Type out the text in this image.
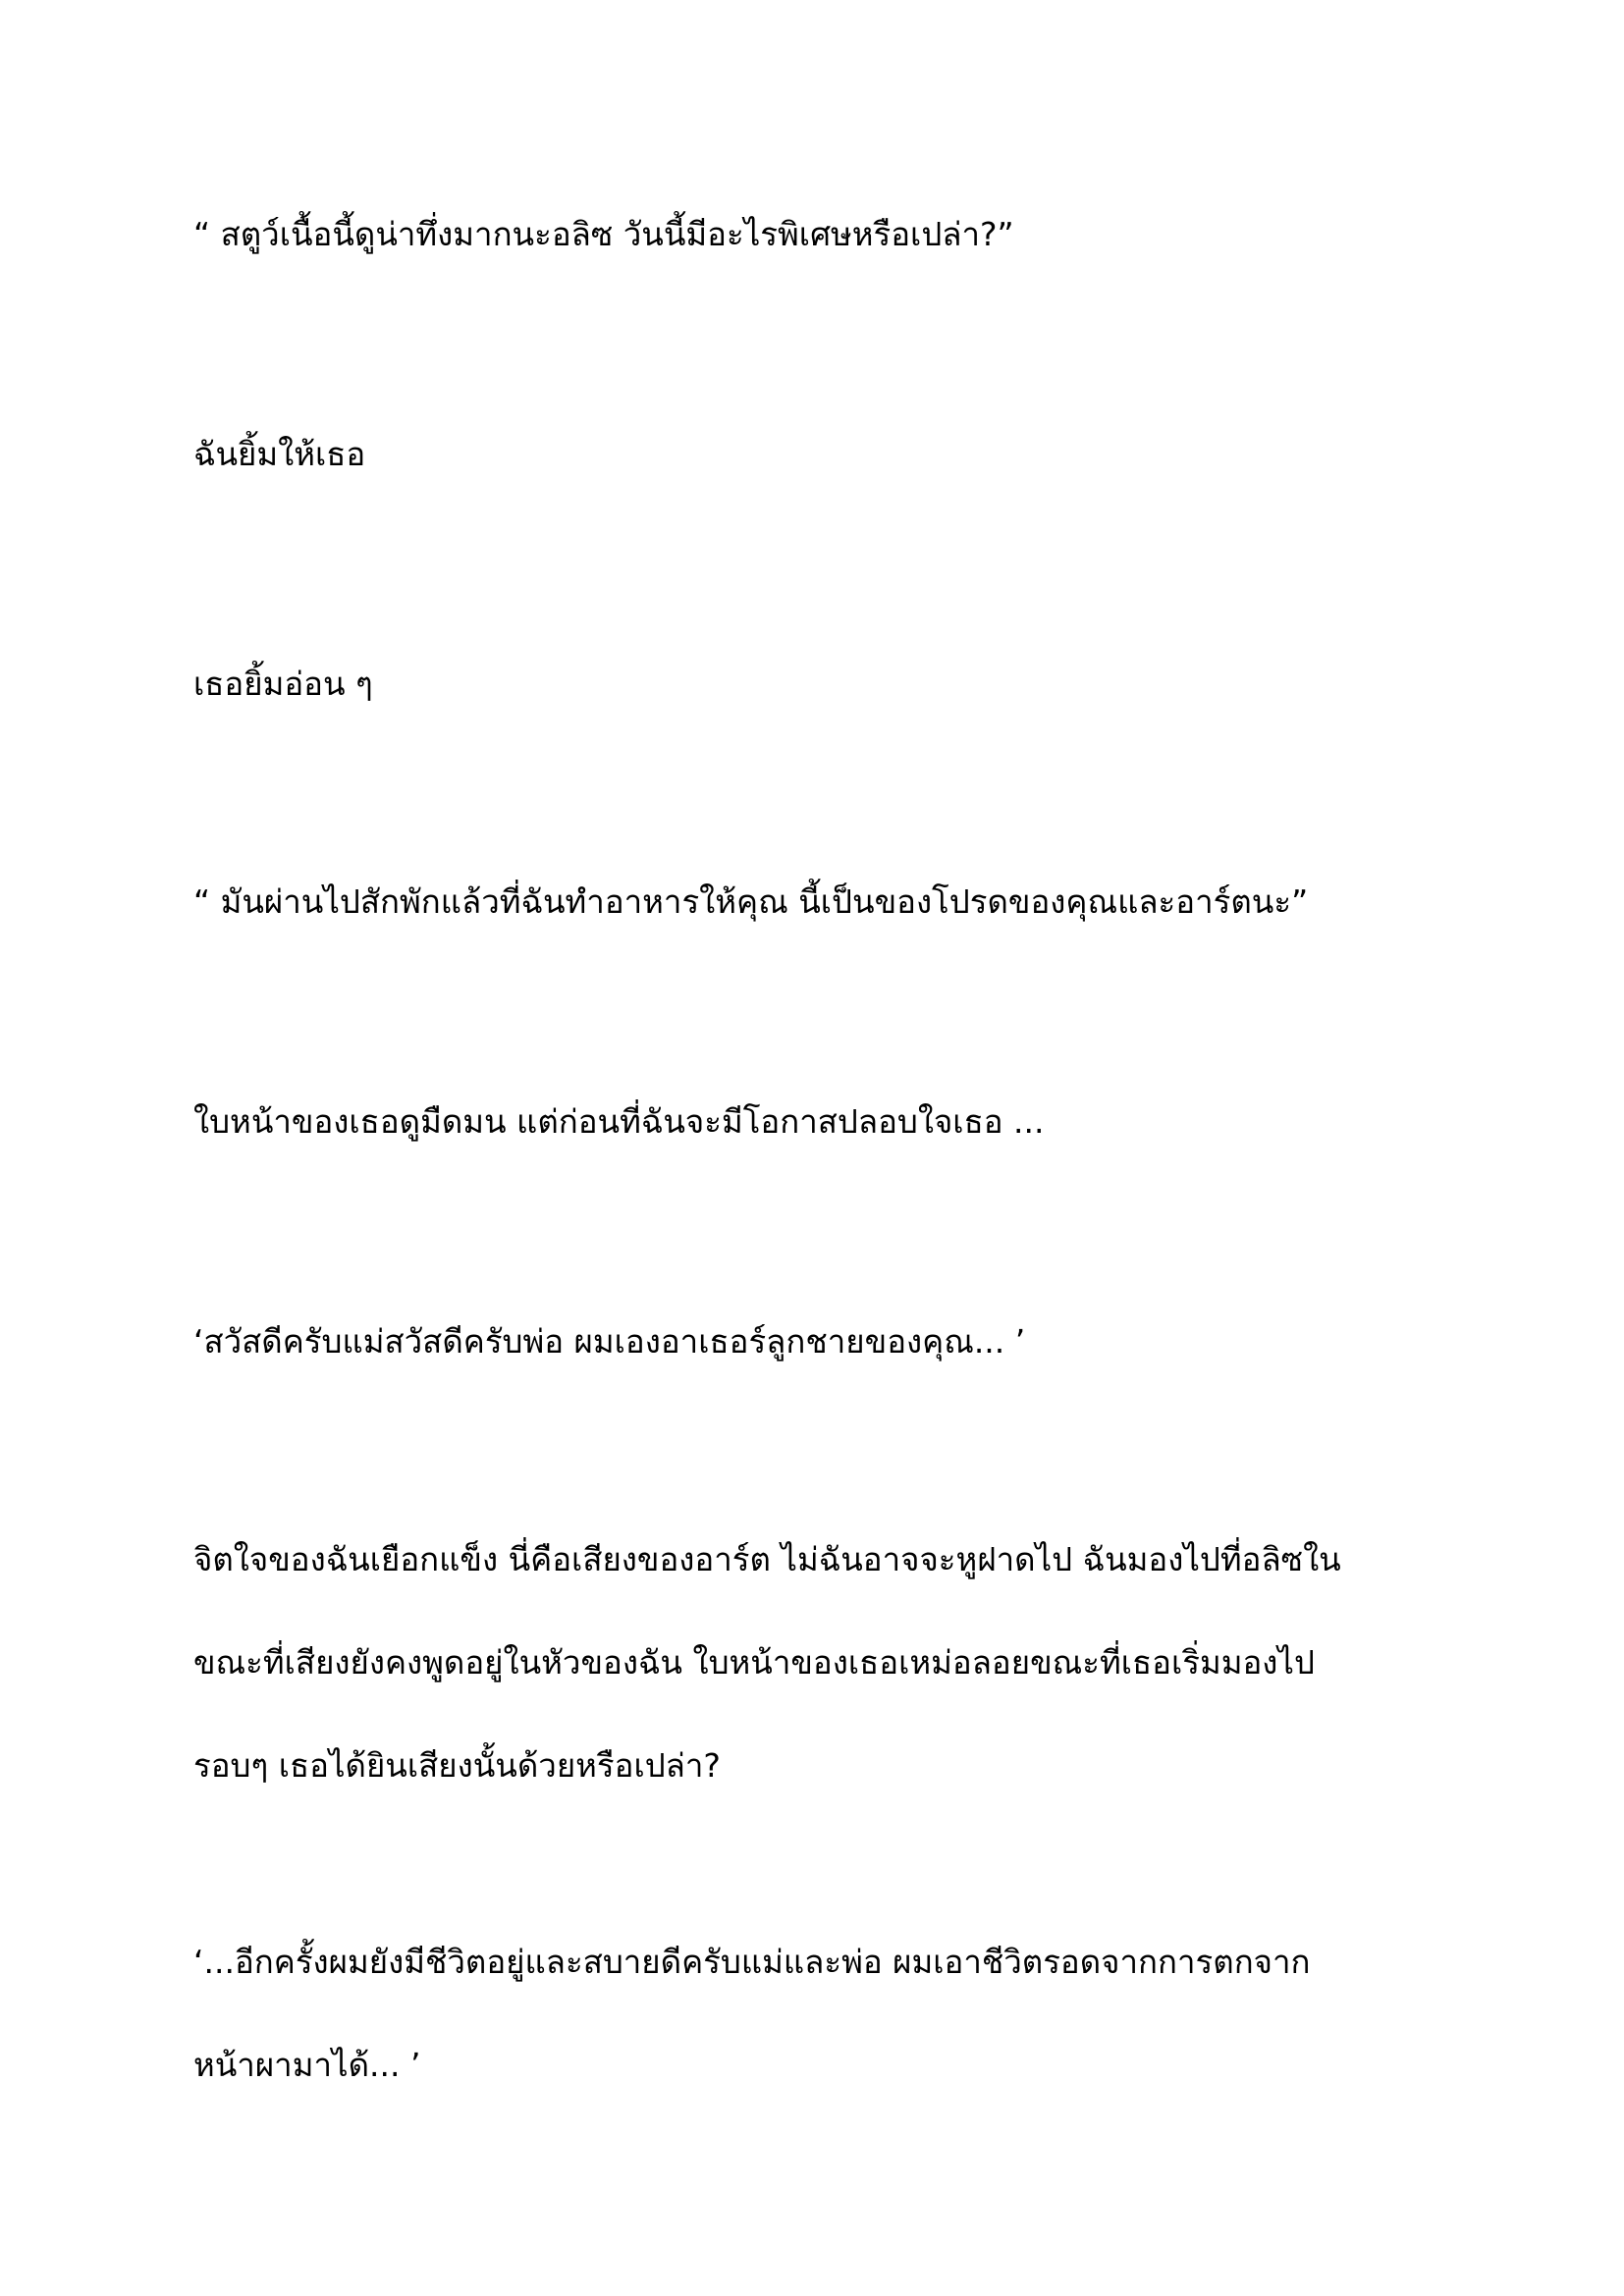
“ สตูว์เนื้อนี้ดูน่าทึ่งมากนะอลิซ วันนี้มีอะไรพิเศษหรือเปล่า?”

ฉันยิ้มให้เธอ

เธอยิ้มอ่อน ๆ

“ มันผ่านไปสักพักแล้วที่ฉันทำอาหารให้คุณ นี้เป็นของโปรดของคุณและอาร์ตนะ”

ใบหน้าของเธอดูมืดมน แต่ก่อนที่ฉันจะมีโอกาสปลอบใจเธอ ...

‘สวัสดีครับแม่สวัสดีครับพ่อ ผมเองอาเธอร์ลูกชายของคุณ... ’

จิตใจของฉันเยือกแข็ง นี่คือเสียงของอาร์ต ไม่ฉันอาจจะหูฝาดไป ฉันมองไปที่อลิซใน
ขณะที่เสียงยังคงพูดอยู่ในหัวของฉัน ใบหน้าของเธอเหม่อลอยขณะที่เธอเริ่มมองไป
รอบๆ เธอได้ยินเสียงนั้นด้วยหรือเปล่า?

‘...อีกครั้งผมยังมีชีวิตอยู่และสบายดีครับแม่และพ่อ ผมเอาชีวิตรอดจากการตกจาก
หน้าผามาได้... ’
